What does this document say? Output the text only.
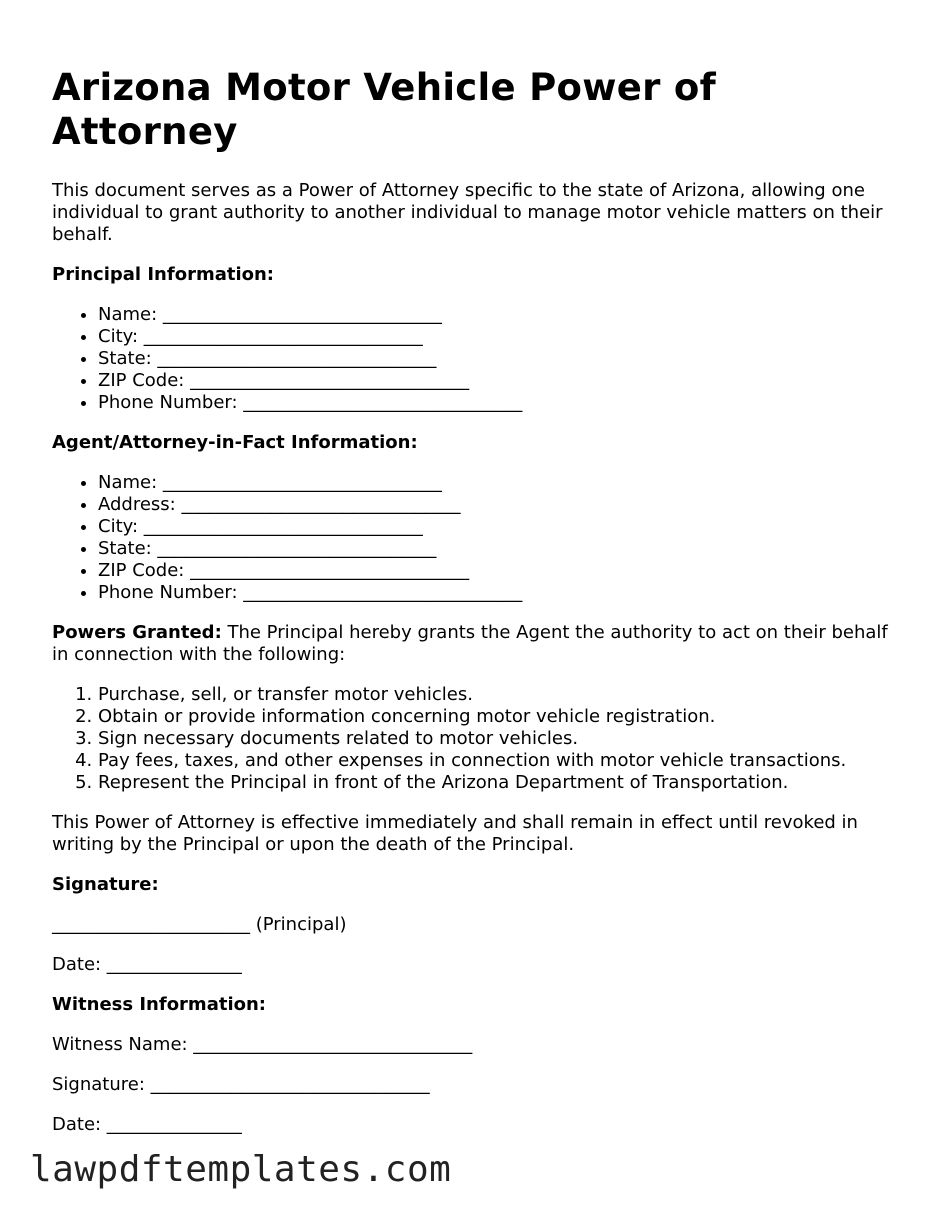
Arizona Motor Vehicle Power of Attorney

This document serves as a Power of Attorney specific to the state of Arizona, allowing one individual to grant authority to another individual to manage motor vehicle matters on their behalf.

Principal Information:
• Name: _______________________________
• City: _______________________________
• State: _______________________________
• ZIP Code: _______________________________
• Phone Number: _______________________________
Agent/Attorney-in-Fact Information:
• Name: _______________________________
• Address: _______________________________
• City: _______________________________
• State: _______________________________
• ZIP Code: _______________________________
• Phone Number: _______________________________

Powers Granted: The Principal hereby grants the Agent the authority to act on their behalf in connection with the following:

1. Purchase, sell, or transfer motor vehicles.
2. Obtain or provide information concerning motor vehicle registration.
3. Sign necessary documents related to motor vehicles.
4. Pay fees, taxes, and other expenses in connection with motor vehicle transactions.
5. Represent the Principal in front of the Arizona Department of Transportation.

This Power of Attorney is effective immediately and shall remain in effect until revoked in writing by the Principal or upon the death of the Principal.

Signature:

______________________ (Principal)

Date: _______________

Witness Information:

Witness Name: _______________________________

Signature: _______________________________

Date: _______________

lawpdftemplates.com
